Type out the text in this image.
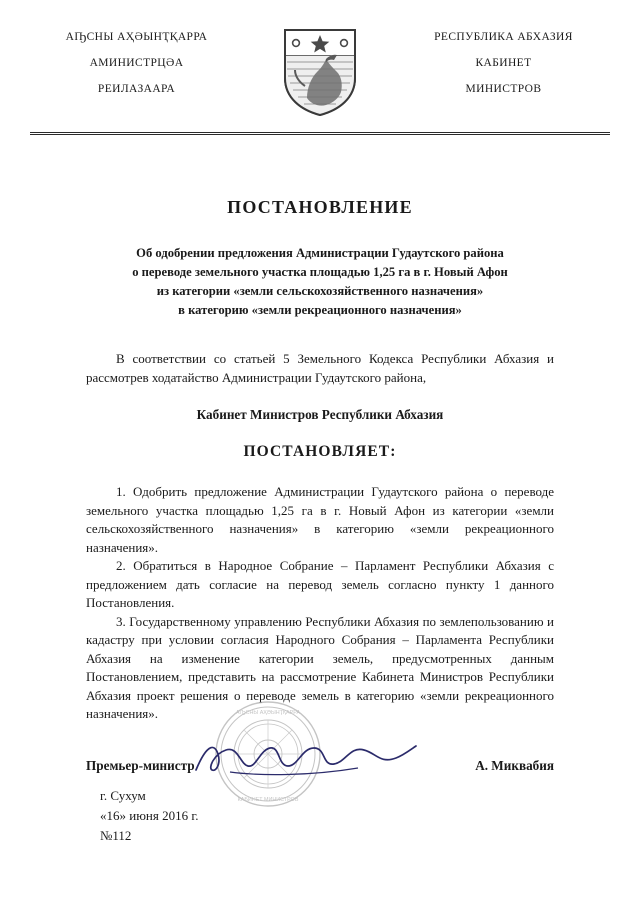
АҦСНЫ АҲӘЫНҬҚАРРА
АМИНИСТРЦӘА
РЕИЛАЗААРА
РЕСПУБЛИКА АБХАЗИЯ
КАБИНЕТ
МИНИСТРОВ
ПОСТАНОВЛЕНИЕ
Об одобрении предложения Администрации Гудаутского района
о переводе земельного участка площадью 1,25 га в г. Новый Афон
из категории «земли сельскохозяйственного назначения»
в категорию «земли рекреационного назначения»
В соответствии со статьей 5 Земельного Кодекса Республики Абхазия и рассмотрев ходатайство Администрации Гудаутского района,
Кабинет Министров Республики Абхазия
ПОСТАНОВЛЯЕТ:
1. Одобрить предложение Администрации Гудаутского района о переводе земельного участка площадью 1,25 га в г. Новый Афон из категории «земли сельскохозяйственного назначения» в категорию «земли рекреационного назначения».
2. Обратиться в Народное Собрание – Парламент Республики Абхазия с предложением дать согласие на перевод земель согласно пункту 1 данного Постановления.
3. Государственному управлению Республики Абхазия по землепользованию и кадастру при условии согласия Народного Собрания – Парламента Республики Абхазия на изменение категории земель, предусмотренных данным Постановлением, представить на рассмотрение Кабинета Министров Республики Абхазия проект решения о переводе земель в категорию «земли рекреационного назначения».	АҦСНЫ АҲӘЫНҬҚАРРА
КАБИНЕТ МИНИСТРОВ
Премьер-министр	А. Миквабия
г. Сухум
«16» июня 2016 г.
№112
